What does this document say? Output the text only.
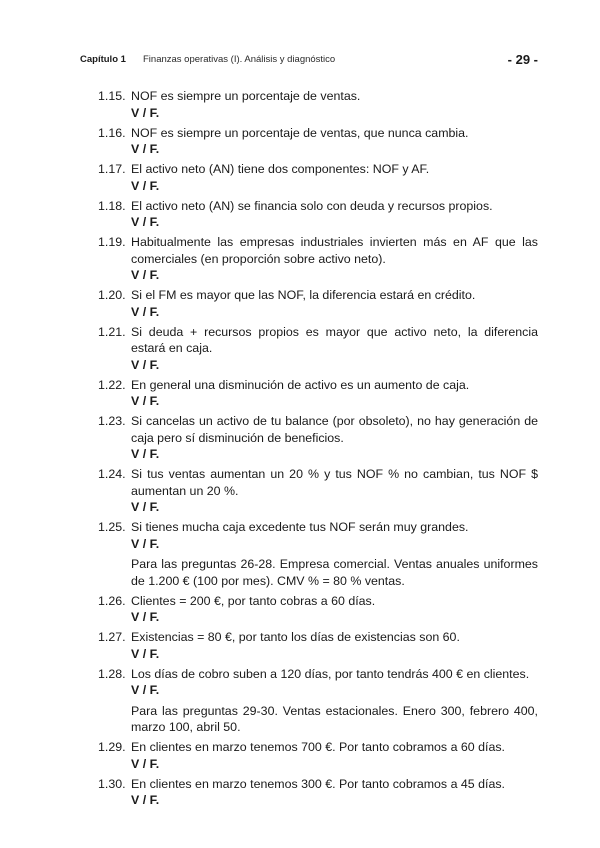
Capítulo 1 Finanzas operativas (I). Análisis y diagnóstico	- 29 -
1.15. NOF es siempre un porcentaje de ventas.
V / F.
1.16. NOF es siempre un porcentaje de ventas, que nunca cambia.
V / F.
1.17. El activo neto (AN) tiene dos componentes: NOF y AF.
V / F.
1.18. El activo neto (AN) se financia solo con deuda y recursos propios.
V / F.
1.19. Habitualmente las empresas industriales invierten más en AF que las comerciales (en proporción sobre activo neto).
V / F.
1.20. Si el FM es mayor que las NOF, la diferencia estará en crédito.
V / F.
1.21. Si deuda + recursos propios es mayor que activo neto, la diferencia estará en caja.
V / F.
1.22. En general una disminución de activo es un aumento de caja.
V / F.
1.23. Si cancelas un activo de tu balance (por obsoleto), no hay generación de caja pero sí disminución de beneficios.
V / F.
1.24. Si tus ventas aumentan un 20 % y tus NOF % no cambian, tus NOF $ aumentan un 20 %.
V / F.
1.25. Si tienes mucha caja excedente tus NOF serán muy grandes.
V / F.
Para las preguntas 26-28. Empresa comercial. Ventas anuales uniformes de 1.200 € (100 por mes). CMV % = 80 % ventas.
1.26. Clientes = 200 €, por tanto cobras a 60 días.
V / F.
1.27. Existencias = 80 €, por tanto los días de existencias son 60.
V / F.
1.28. Los días de cobro suben a 120 días, por tanto tendrás 400 € en clientes.
V / F.
Para las preguntas 29-30. Ventas estacionales. Enero 300, febrero 400, marzo 100, abril 50.
1.29. En clientes en marzo tenemos 700 €. Por tanto cobramos a 60 días.
V / F.
1.30. En clientes en marzo tenemos 300 €. Por tanto cobramos a 45 días.
V / F.
